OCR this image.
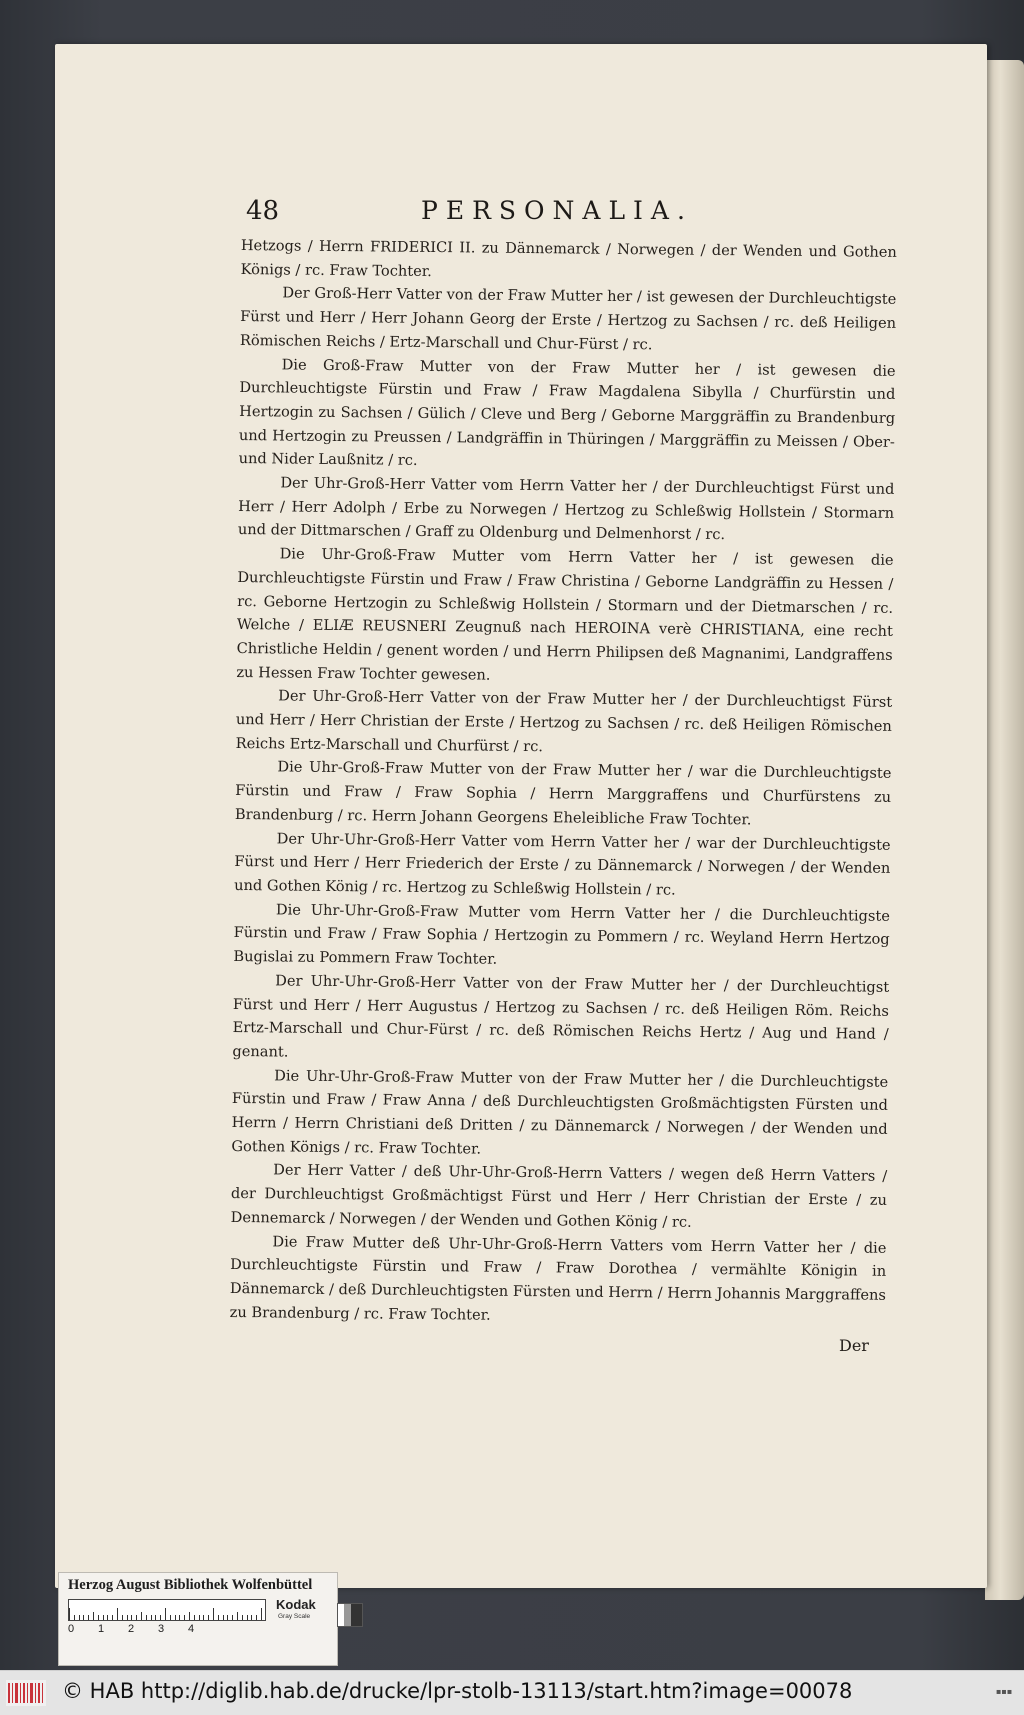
48	PERSONALIA.

Hetzogs / Herrn FRIDERICI II. zu Dännemarck / Norwegen / der Wenden und Gothen Königs / rc. Fraw Tochter.

Der Groß-Herr Vatter von der Fraw Mutter her / ist gewesen der Durchleuchtigste Fürst und Herr / Herr Johann Georg der Erste / Hertzog zu Sachsen / rc. deß Heiligen Römischen Reichs / Ertz-Marschall und Chur-Fürst / rc.

Die Groß-Fraw Mutter von der Fraw Mutter her / ist gewesen die Durchleuchtigste Fürstin und Fraw / Fraw Magdalena Sibylla / Churfürstin und Hertzogin zu Sachsen / Gülich / Cleve und Berg / Geborne Marggräffin zu Brandenburg und Hertzogin zu Preussen / Landgräffin in Thüringen / Marggräffin zu Meissen / Ober- und Nider Laußnitz / rc.

Der Uhr-Groß-Herr Vatter vom Herrn Vatter her / der Durchleuchtigst Fürst und Herr / Herr Adolph / Erbe zu Norwegen / Hertzog zu Schleßwig Hollstein / Stormarn und der Dittmarschen / Graff zu Oldenburg und Delmenhorst / rc.

Die Uhr-Groß-Fraw Mutter vom Herrn Vatter her / ist gewesen die Durchleuchtigste Fürstin und Fraw / Fraw Christina / Geborne Landgräffin zu Hessen / rc. Geborne Hertzogin zu Schleßwig Hollstein / Stormarn und der Dietmarschen / rc. Welche / ELIÆ REUSNERI Zeugnuß nach HEROINA verè CHRISTIANA, eine recht Christliche Heldin / genent worden / und Herrn Philipsen deß Magnanimi, Landgraffens zu Hessen Fraw Tochter gewesen.

Der Uhr-Groß-Herr Vatter von der Fraw Mutter her / der Durchleuchtigst Fürst und Herr / Herr Christian der Erste / Hertzog zu Sachsen / rc. deß Heiligen Römischen Reichs Ertz-Marschall und Churfürst / rc.

Die Uhr-Groß-Fraw Mutter von der Fraw Mutter her / war die Durchleuchtigste Fürstin und Fraw / Fraw Sophia / Herrn Marggraffens und Churfürstens zu Brandenburg / rc. Herrn Johann Georgens Eheleibliche Fraw Tochter.

Der Uhr-Uhr-Groß-Herr Vatter vom Herrn Vatter her / war der Durchleuchtigste Fürst und Herr / Herr Friederich der Erste / zu Dännemarck / Norwegen / der Wenden und Gothen König / rc. Hertzog zu Schleßwig Hollstein / rc.

Die Uhr-Uhr-Groß-Fraw Mutter vom Herrn Vatter her / die Durchleuchtigste Fürstin und Fraw / Fraw Sophia / Hertzogin zu Pommern / rc. Weyland Herrn Hertzog Bugislai zu Pommern Fraw Tochter.

Der Uhr-Uhr-Groß-Herr Vatter von der Fraw Mutter her / der Durchleuchtigst Fürst und Herr / Herr Augustus / Hertzog zu Sachsen / rc. deß Heiligen Röm. Reichs Ertz-Marschall und Chur-Fürst / rc. deß Römischen Reichs Hertz / Aug und Hand / genant.

Die Uhr-Uhr-Groß-Fraw Mutter von der Fraw Mutter her / die Durchleuchtigste Fürstin und Fraw / Fraw Anna / deß Durchleuchtigsten Großmächtigsten Fürsten und Herrn / Herrn Christiani deß Dritten / zu Dännemarck / Norwegen / der Wenden und Gothen Königs / rc. Fraw Tochter.

Der Herr Vatter / deß Uhr-Uhr-Groß-Herrn Vatters / wegen deß Herrn Vatters / der Durchleuchtigst Großmächtigst Fürst und Herr / Herr Christian der Erste / zu Dennemarck / Norwegen / der Wenden und Gothen König / rc.

Die Fraw Mutter deß Uhr-Uhr-Groß-Herrn Vatters vom Herrn Vatter her / die Durchleuchtigste Fürstin und Fraw / Fraw Dorothea / vermählte Königin in Dännemarck / deß Durchleuchtigsten Fürsten und Herrn / Herrn Johannis Marggraffens zu Brandenburg / rc. Fraw Tochter.

Der
Herzog August Bibliothek Wolfenbüttel
0 1 2 3 4
Kodak
Gray Scale
© HAB http://diglib.hab.de/drucke/lpr-stolb-13113/start.htm?image=00078	▪▪▪
